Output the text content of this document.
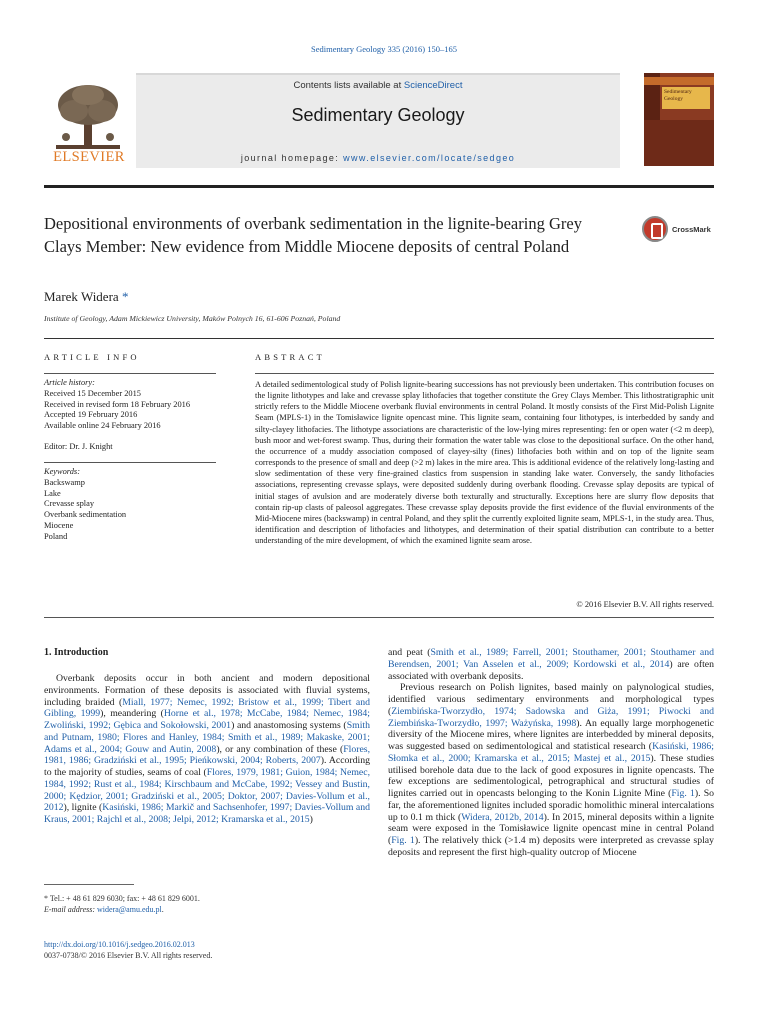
Sedimentary Geology 335 (2016) 150–165
ELSEVIER
Contents lists available at ScienceDirect
Sedimentary Geology
journal homepage: www.elsevier.com/locate/sedgeo
Sedimentary Geology
Depositional environments of overbank sedimentation in the lignite-bearing Grey Clays Member: New evidence from Middle Miocene deposits of central Poland
CrossMark
Marek Widera *
Institute of Geology, Adam Mickiewicz University, Maków Polnych 16, 61-606 Poznań, Poland
ARTICLE INFO	ABSTRACT
Article history:
Received 15 December 2015
Received in revised form 18 February 2016
Accepted 19 February 2016
Available online 24 February 2016
Editor: Dr. J. Knight
Keywords:
Backswamp
Lake
Crevasse splay
Overbank sedimentation
Miocene
Poland
A detailed sedimentological study of Polish lignite-bearing successions has not previously been undertaken. This contribution focuses on the lignite lithotypes and lake and crevasse splay lithofacies that together constitute the Grey Clays Member. This lithostratigraphic unit strictly refers to the Middle Miocene overbank fluvial environments in central Poland. It mostly consists of the First Mid-Polish Lignite Seam (MPLS-1) in the Tomisławice lignite opencast mine. This lignite seam, containing four lithotypes, is interbedded by sandy and silty-clayey lithofacies. The lithotype associations are characteristic of the low-lying mires representing: fen or open water (<2 m deep), bush moor and wet-forest swamp. Thus, during their formation the water table was close to the depositional surface. On the other hand, the occurrence of a muddy association composed of clayey-silty (fines) lithofacies both within and on top of the lignite seam corresponds to the presence of small and deep (>2 m) lakes in the mire area. This is additional evidence of the relatively long-lasting and slow sedimentation of these very fine-grained clastics from suspension in standing lake water. Conversely, the sandy lithofacies associations, representing crevasse splays, were deposited suddenly during overbank flooding. Crevasse splay deposits are typical of initial stages of avulsion and are moderately diverse both texturally and structurally. Exceptions here are slurry flow deposits that contain rip-up clasts of paleosol aggregates. These crevasse splay deposits provide the first evidence of the fluvial environments of the Mid-Miocene mires (backswamp) in central Poland, and they split the currently exploited lignite seam, MPLS-1, in the study area. Thus, identification and description of lithofacies and lithotypes, and determination of their spatial distribution can contribute to a better understanding of the mire development, of which the examined lignite seam arose.
© 2016 Elsevier B.V. All rights reserved.
1. Introduction
Overbank deposits occur in both ancient and modern depositional environments. Formation of these deposits is associated with fluvial systems, including braided (Miall, 1977; Nemec, 1992; Bristow et al., 1999; Tibert and Gibling, 1999), meandering (Horne et al., 1978; McCabe, 1984; Nemec, 1984; Zwoliński, 1992; Gębica and Sokołowski, 2001) and anastomosing systems (Smith and Putnam, 1980; Flores and Hanley, 1984; Smith et al., 1989; Makaske, 2001; Adams et al., 2004; Gouw and Autin, 2008), or any combination of these (Flores, 1981, 1986; Gradziński et al., 1995; Pieńkowski, 2004; Roberts, 2007). According to the majority of studies, seams of coal (Flores, 1979, 1981; Guion, 1984; Nemec, 1984, 1992; Rust et al., 1984; Kirschbaum and McCabe, 1992; Vessey and Bustin, 2000; Kędzior, 2001; Gradziński et al., 2005; Doktor, 2007; Davies-Vollum et al., 2012), lignite (Kasiński, 1986; Markič and Sachsenhofer, 1997; Davies-Vollum and Kraus, 2001; Rajchl et al., 2008; Jelpi, 2012; Kramarska et al., 2015)

and peat (Smith et al., 1989; Farrell, 2001; Stouthamer, 2001; Stouthamer and Berendsen, 2001; Van Asselen et al., 2009; Kordowski et al., 2014) are often associated with overbank deposits.

Previous research on Polish lignites, based mainly on palynological studies, identified various sedimentary environments and morphological types (Ziembińska-Tworzydło, 1974; Sadowska and Giża, 1991; Piwocki and Ziembińska-Tworzydło, 1997; Ważyńska, 1998). An equally large morphogenetic diversity of the Miocene mires, where lignites are interbedded by mineral deposits, was suggested based on sedimentological and statistical research (Kasiński, 1986; Słomka et al., 2000; Kramarska et al., 2015; Mastej et al., 2015). These studies utilised borehole data due to the lack of good exposures in lignite opencasts. The few exceptions are sedimentological, petrographical and structural studies of lignites carried out in opencasts belonging to the Konin Lignite Mine (Fig. 1). So far, the aforementioned lignites included sporadic homolithic mineral intercalations up to 0.1 m thick (Widera, 2012b, 2014). In 2015, mineral deposits within a lignite seam were exposed in the Tomisławice lignite opencast mine in central Poland (Fig. 1). The relatively thick (>1.4 m) deposits were interpreted as crevasse splay deposits and represent the first high-quality outcrop of Miocene

* Tel.: + 48 61 829 6030; fax: + 48 61 829 6001.
E-mail address: widera@amu.edu.pl.
http://dx.doi.org/10.1016/j.sedgeo.2016.02.013
0037-0738/© 2016 Elsevier B.V. All rights reserved.
